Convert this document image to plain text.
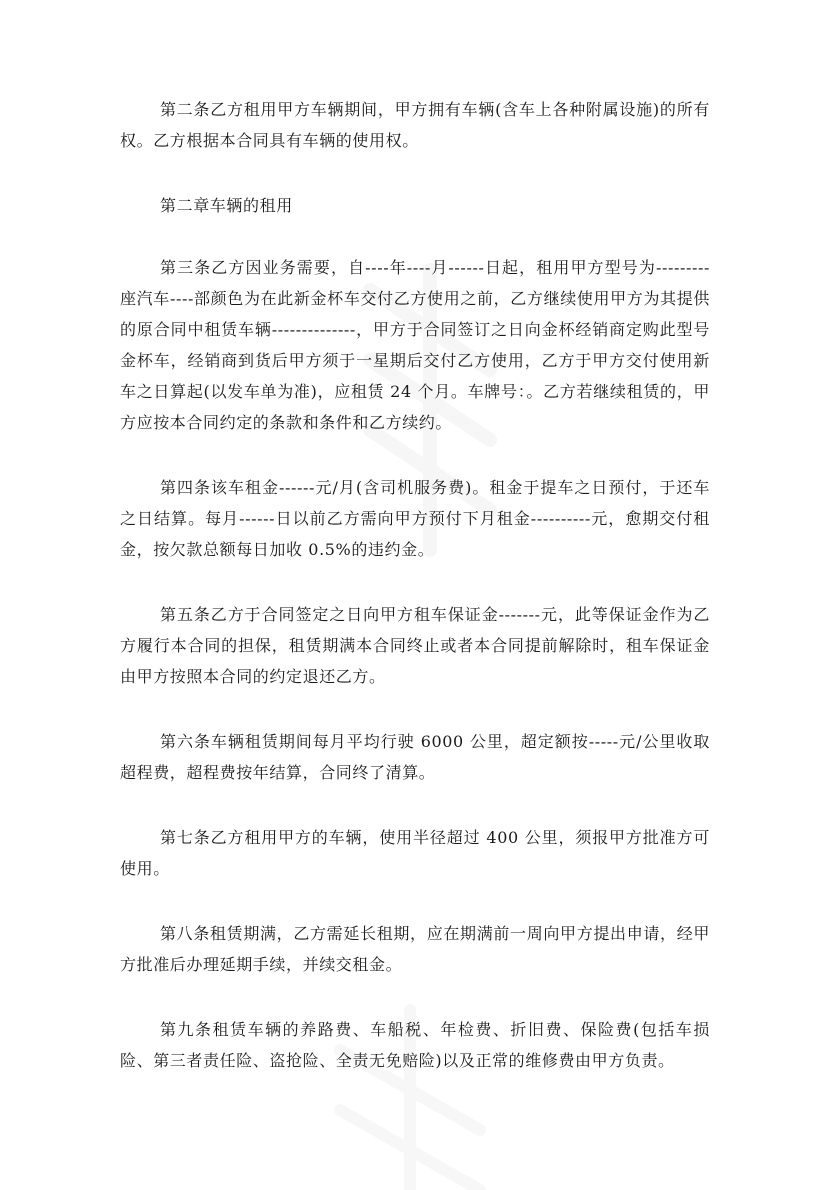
第二条乙方租用甲方车辆期间，甲方拥有车辆(含车上各种附属设施)的所有权。乙方根据本合同具有车辆的使用权。

第二章车辆的租用

第三条乙方因业务需要，自----年----月------日起，租用甲方型号为---------座汽车----部颜色为在此新金杯车交付乙方使用之前，乙方继续使用甲方为其提供的原合同中租赁车辆--------------，甲方于合同签订之日向金杯经销商定购此型号金杯车，经销商到货后甲方须于一星期后交付乙方使用，乙方于甲方交付使用新车之日算起(以发车单为准)，应租赁 24 个月。车牌号：。乙方若继续租赁的，甲方应按本合同约定的条款和条件和乙方续约。

第四条该车租金------元/月(含司机服务费)。租金于提车之日预付，于还车之日结算。每月------日以前乙方需向甲方预付下月租金----------元，愈期交付租金，按欠款总额每日加收 0.5%的违约金。

第五条乙方于合同签定之日向甲方租车保证金-------元，此等保证金作为乙方履行本合同的担保，租赁期满本合同终止或者本合同提前解除时，租车保证金由甲方按照本合同的约定退还乙方。

第六条车辆租赁期间每月平均行驶 6000 公里，超定额按-----元/公里收取超程费，超程费按年结算，合同终了清算。

第七条乙方租用甲方的车辆，使用半径超过 400 公里，须报甲方批准方可使用。

第八条租赁期满，乙方需延长租期，应在期满前一周向甲方提出申请，经甲方批准后办理延期手续，并续交租金。

第九条租赁车辆的养路费、车船税、年检费、折旧费、保险费(包括车损险、第三者责任险、盗抢险、全责无免赔险)以及正常的维修费由甲方负责。
